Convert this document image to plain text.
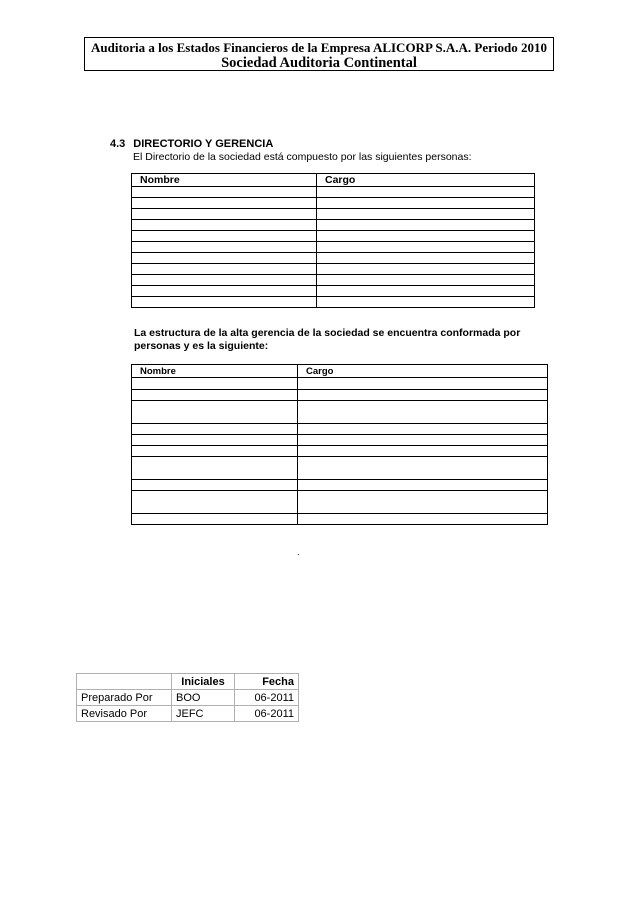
Auditoria a los Estados Financieros de la Empresa ALICORP S.A.A. Periodo 2010
Sociedad Auditoria Continental
4.3 DIRECTORIO Y GERENCIA
El Directorio de la sociedad está compuesto por las siguientes personas:
Nombre	Cargo

La estructura de la alta gerencia de la sociedad se encuentra conformada por personas y es la siguiente:
Nombre	Cargo

.
	Iniciales	Fecha
Preparado Por	BOO	06-2011
Revisado Por	JEFC	06-2011
